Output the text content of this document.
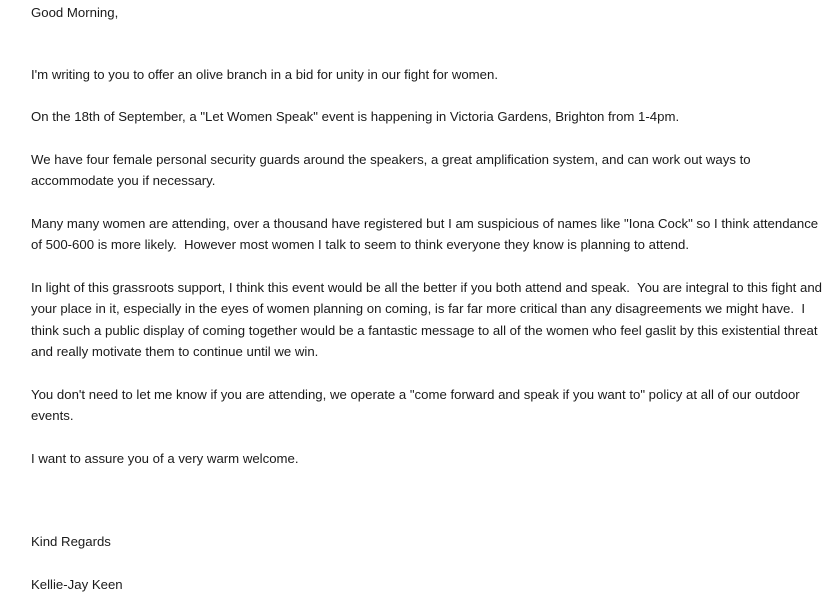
Good Morning,

I'm writing to you to offer an olive branch in a bid for unity in our fight for women.

On the 18th of September, a "Let Women Speak" event is happening in Victoria Gardens, Brighton from 1-4pm.

We have four female personal security guards around the speakers, a great amplification system, and can work out ways to accommodate you if necessary.

Many many women are attending, over a thousand have registered but I am suspicious of names like "Iona Cock" so I think attendance of 500-600 is more likely.  However most women I talk to seem to think everyone they know is planning to attend.

In light of this grassroots support, I think this event would be all the better if you both attend and speak.  You are integral to this fight and your place in it, especially in the eyes of women planning on coming, is far far more critical than any disagreements we might have.  I think such a public display of coming together would be a fantastic message to all of the women who feel gaslit by this existential threat and really motivate them to continue until we win.

You don't need to let me know if you are attending, we operate a "come forward and speak if you want to" policy at all of our outdoor events.

I want to assure you of a very warm welcome.

Kind Regards

Kellie-Jay Keen
